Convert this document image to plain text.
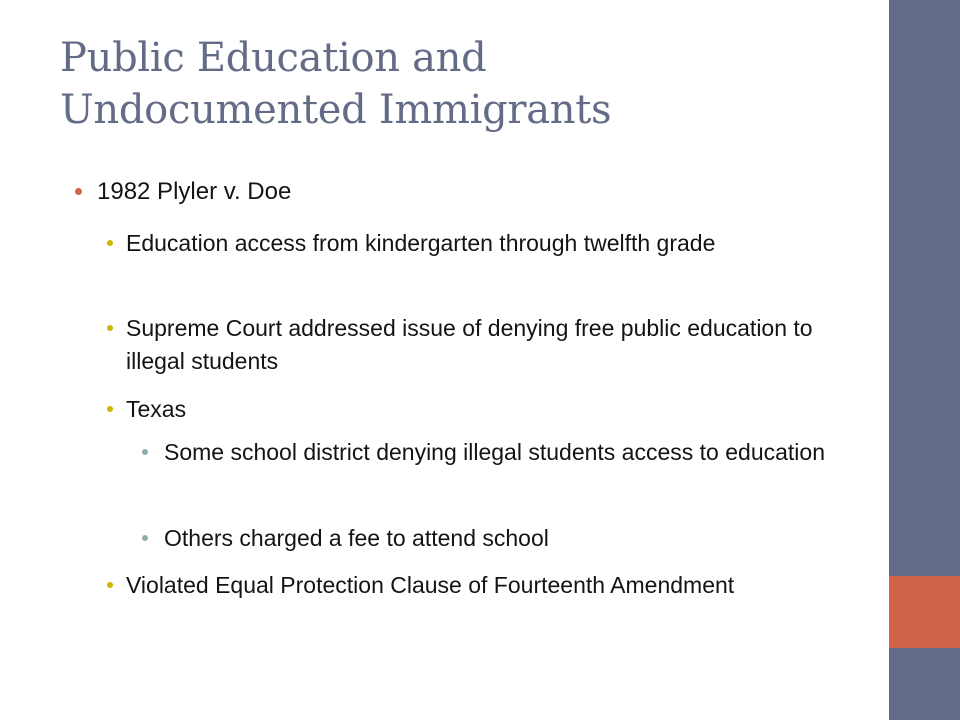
Public Education and
Undocumented Immigrants
1982 Plyler v. Doe
Education access from kindergarten through twelfth grade
Supreme Court addressed issue of denying free public education to illegal students
Texas
Some school district denying illegal students access to education
Others charged a fee to attend school
Violated Equal Protection Clause of Fourteenth Amendment
